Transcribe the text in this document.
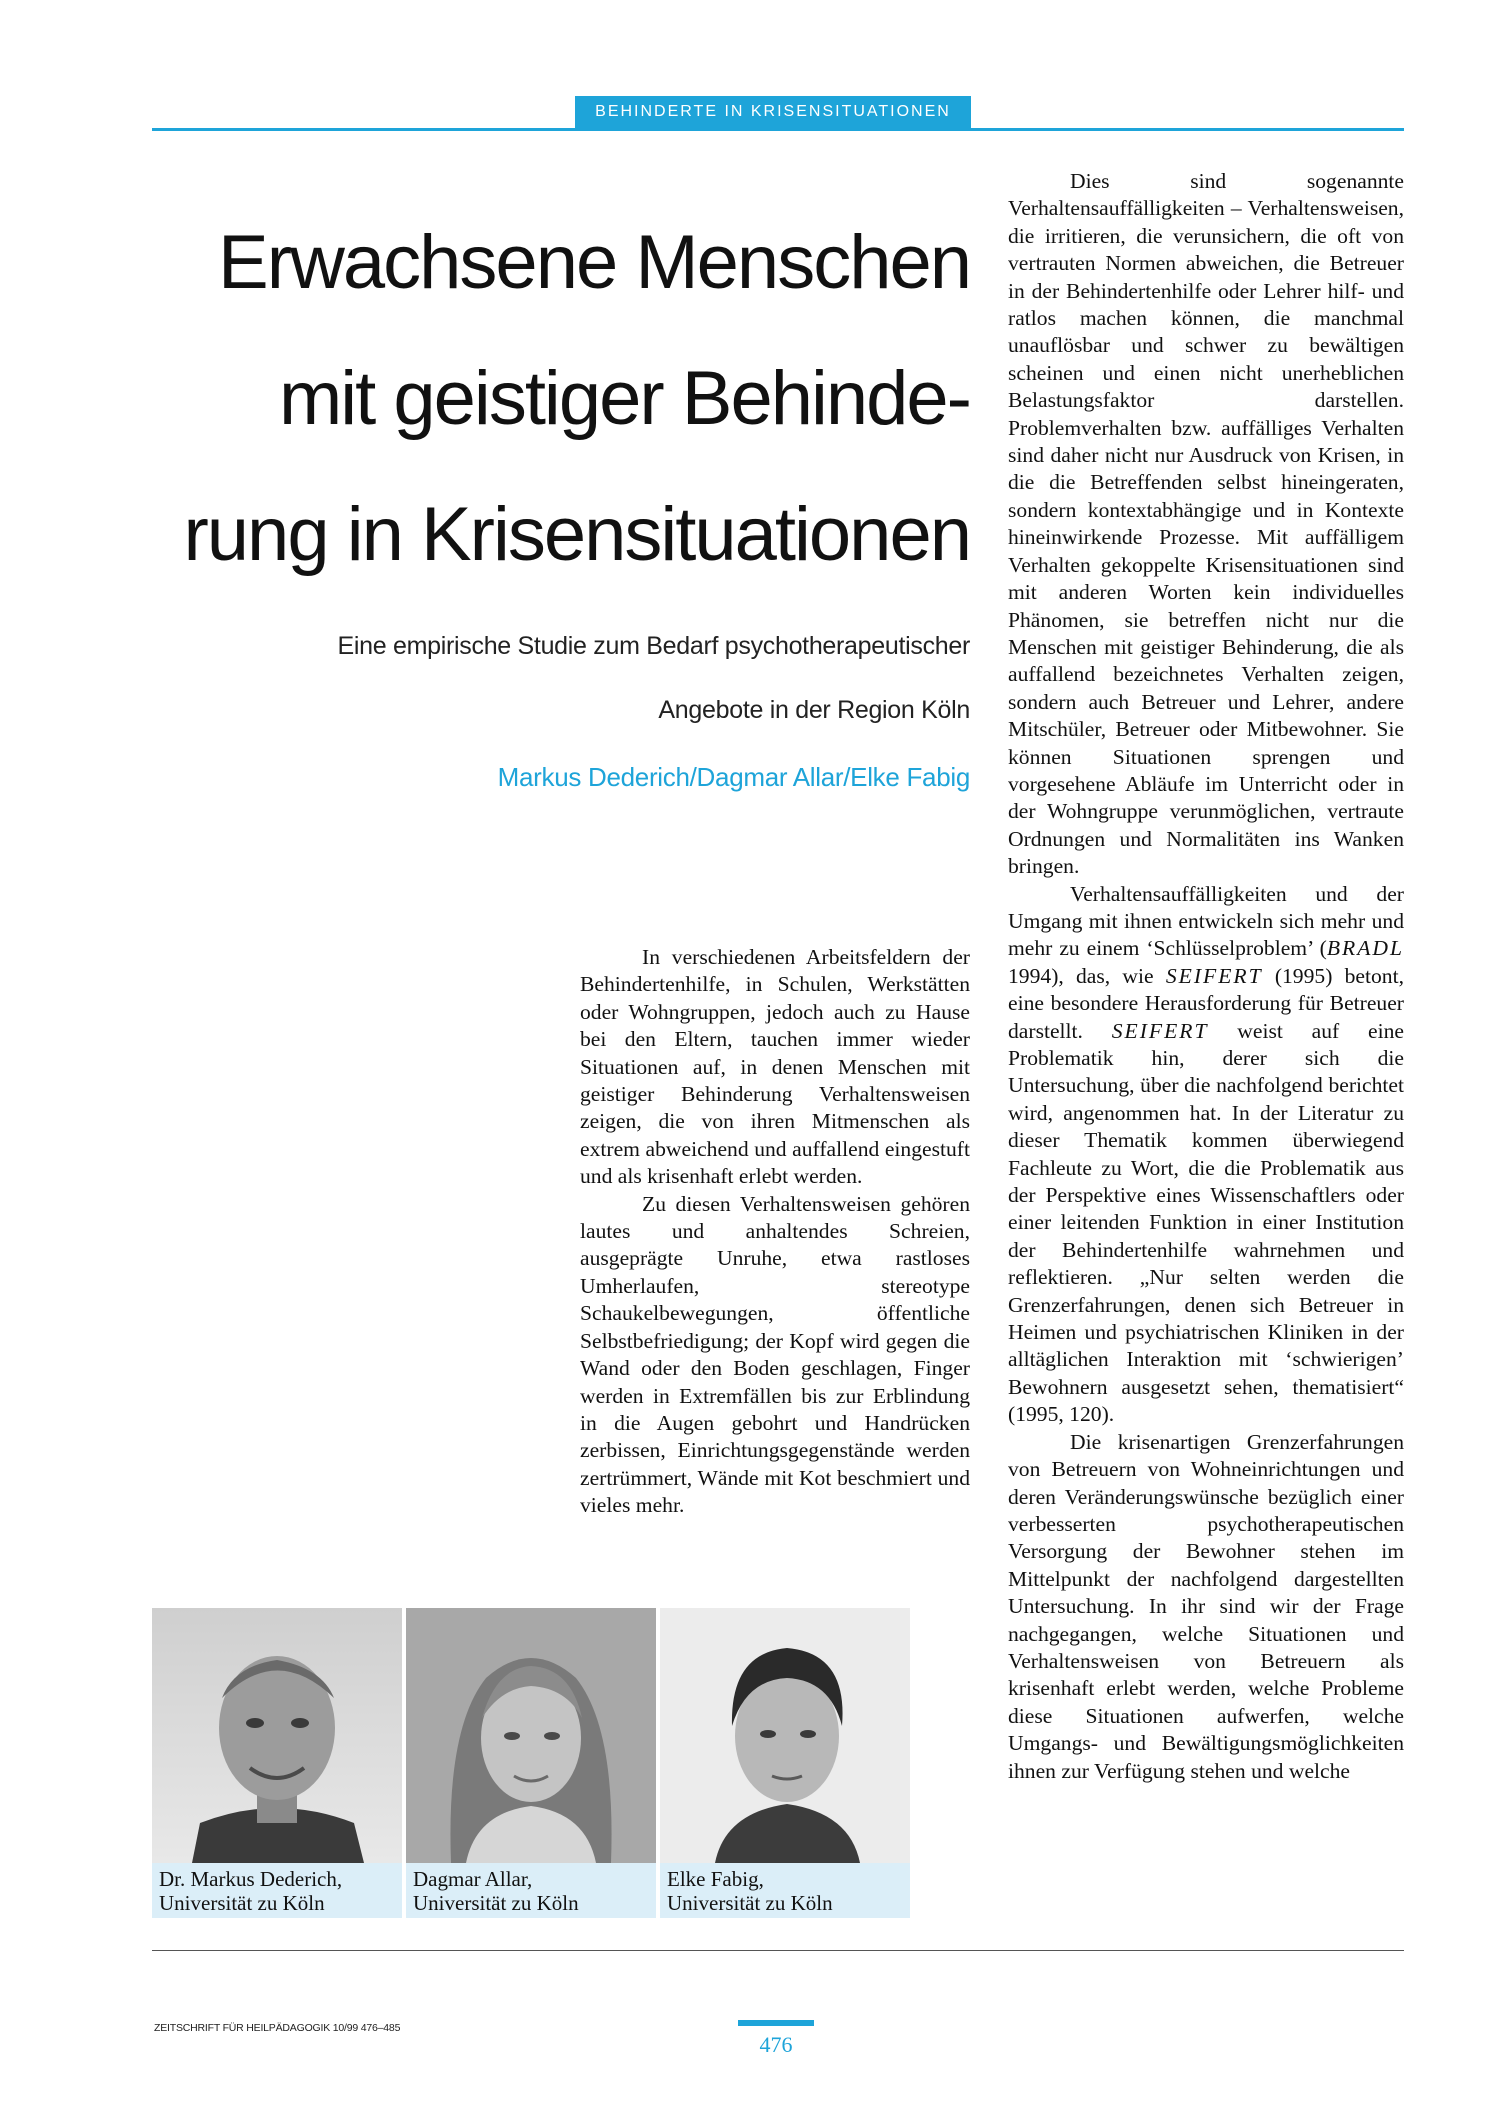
BEHINDERTE IN KRISENSITUATIONEN
Erwachsene Menschen
mit geistiger Behinde-
rung in Krisensituationen

Eine empirische Studie zum Bedarf psychotherapeutischer
Angebote in der Region Köln

Markus Dederich/Dagmar Allar/Elke Fabig

In verschiedenen Arbeitsfeldern der Behindertenhilfe, in Schulen, Werkstätten oder Wohngruppen, jedoch auch zu Hause bei den Eltern, tauchen immer wieder Situationen auf, in denen Menschen mit geistiger Behinderung Verhaltensweisen zeigen, die von ihren Mitmenschen als extrem abweichend und auffallend eingestuft und als krisenhaft erlebt werden.

Zu diesen Verhaltensweisen gehören lautes und anhaltendes Schreien, ausgeprägte Unruhe, etwa rastloses Umherlaufen, stereotype Schaukelbewegungen, öffentliche Selbstbefriedigung; der Kopf wird gegen die Wand oder den Boden geschlagen, Finger werden in Extremfällen bis zur Erblindung in die Augen gebohrt und Handrücken zerbissen, Einrichtungsgegenstände werden zertrümmert, Wände mit Kot beschmiert und vieles mehr.

Dies sind sogenannte Verhaltensauffälligkeiten – Verhaltensweisen, die irritieren, die verunsichern, die oft von vertrauten Normen abweichen, die Betreuer in der Behindertenhilfe oder Lehrer hilf- und ratlos machen können, die manchmal unauflösbar und schwer zu bewältigen scheinen und einen nicht unerheblichen Belastungsfaktor darstellen. Problemverhalten bzw. auffälliges Verhalten sind daher nicht nur Ausdruck von Krisen, in die die Betreffenden selbst hineingeraten, sondern kontextabhängige und in Kontexte hineinwirkende Prozesse. Mit auffälligem Verhalten gekoppelte Krisensituationen sind mit anderen Worten kein individuelles Phänomen, sie betreffen nicht nur die Menschen mit geistiger Behinderung, die als auffallend bezeichnetes Verhalten zeigen, sondern auch Betreuer und Lehrer, andere Mitschüler, Betreuer oder Mitbewohner. Sie können Situationen sprengen und vorgesehene Abläufe im Unterricht oder in der Wohngruppe verunmöglichen, vertraute Ordnungen und Normalitäten ins Wanken bringen.

Verhaltensauffälligkeiten und der Umgang mit ihnen entwickeln sich mehr und mehr zu einem ‘Schlüsselproblem’ (BRADL 1994), das, wie SEIFERT (1995) betont, eine besondere Herausforderung für Betreuer darstellt. SEIFERT weist auf eine Problematik hin, derer sich die Untersuchung, über die nachfolgend berichtet wird, angenommen hat. In der Literatur zu dieser Thematik kommen überwiegend Fachleute zu Wort, die die Problematik aus der Perspektive eines Wissenschaftlers oder einer leitenden Funktion in einer Institution der Behindertenhilfe wahrnehmen und reflektieren. „Nur selten werden die Grenzerfahrungen, denen sich Betreuer in Heimen und psychiatrischen Kliniken in der alltäglichen Interaktion mit ‘schwierigen’ Bewohnern ausgesetzt sehen, thematisiert“ (1995, 120).

Die krisenartigen Grenzerfahrungen von Betreuern von Wohneinrichtungen und deren Veränderungswünsche bezüglich einer verbesserten psychotherapeutischen Versorgung der Bewohner stehen im Mittelpunkt der nachfolgend dargestellten Untersuchung. In ihr sind wir der Frage nachgegangen, welche Situationen und Verhaltensweisen von Betreuern als krisenhaft erlebt werden, welche Probleme diese Situationen aufwerfen, welche Umgangs- und Bewältigungsmöglichkeiten ihnen zur Verfügung stehen und welche

Dr. Markus Dederich,
Universität zu Köln
Dagmar Allar,
Universität zu Köln
Elke Fabig,
Universität zu Köln
ZEITSCHRIFT FÜR HEILPÄDAGOGIK 10/99 476–485
476
